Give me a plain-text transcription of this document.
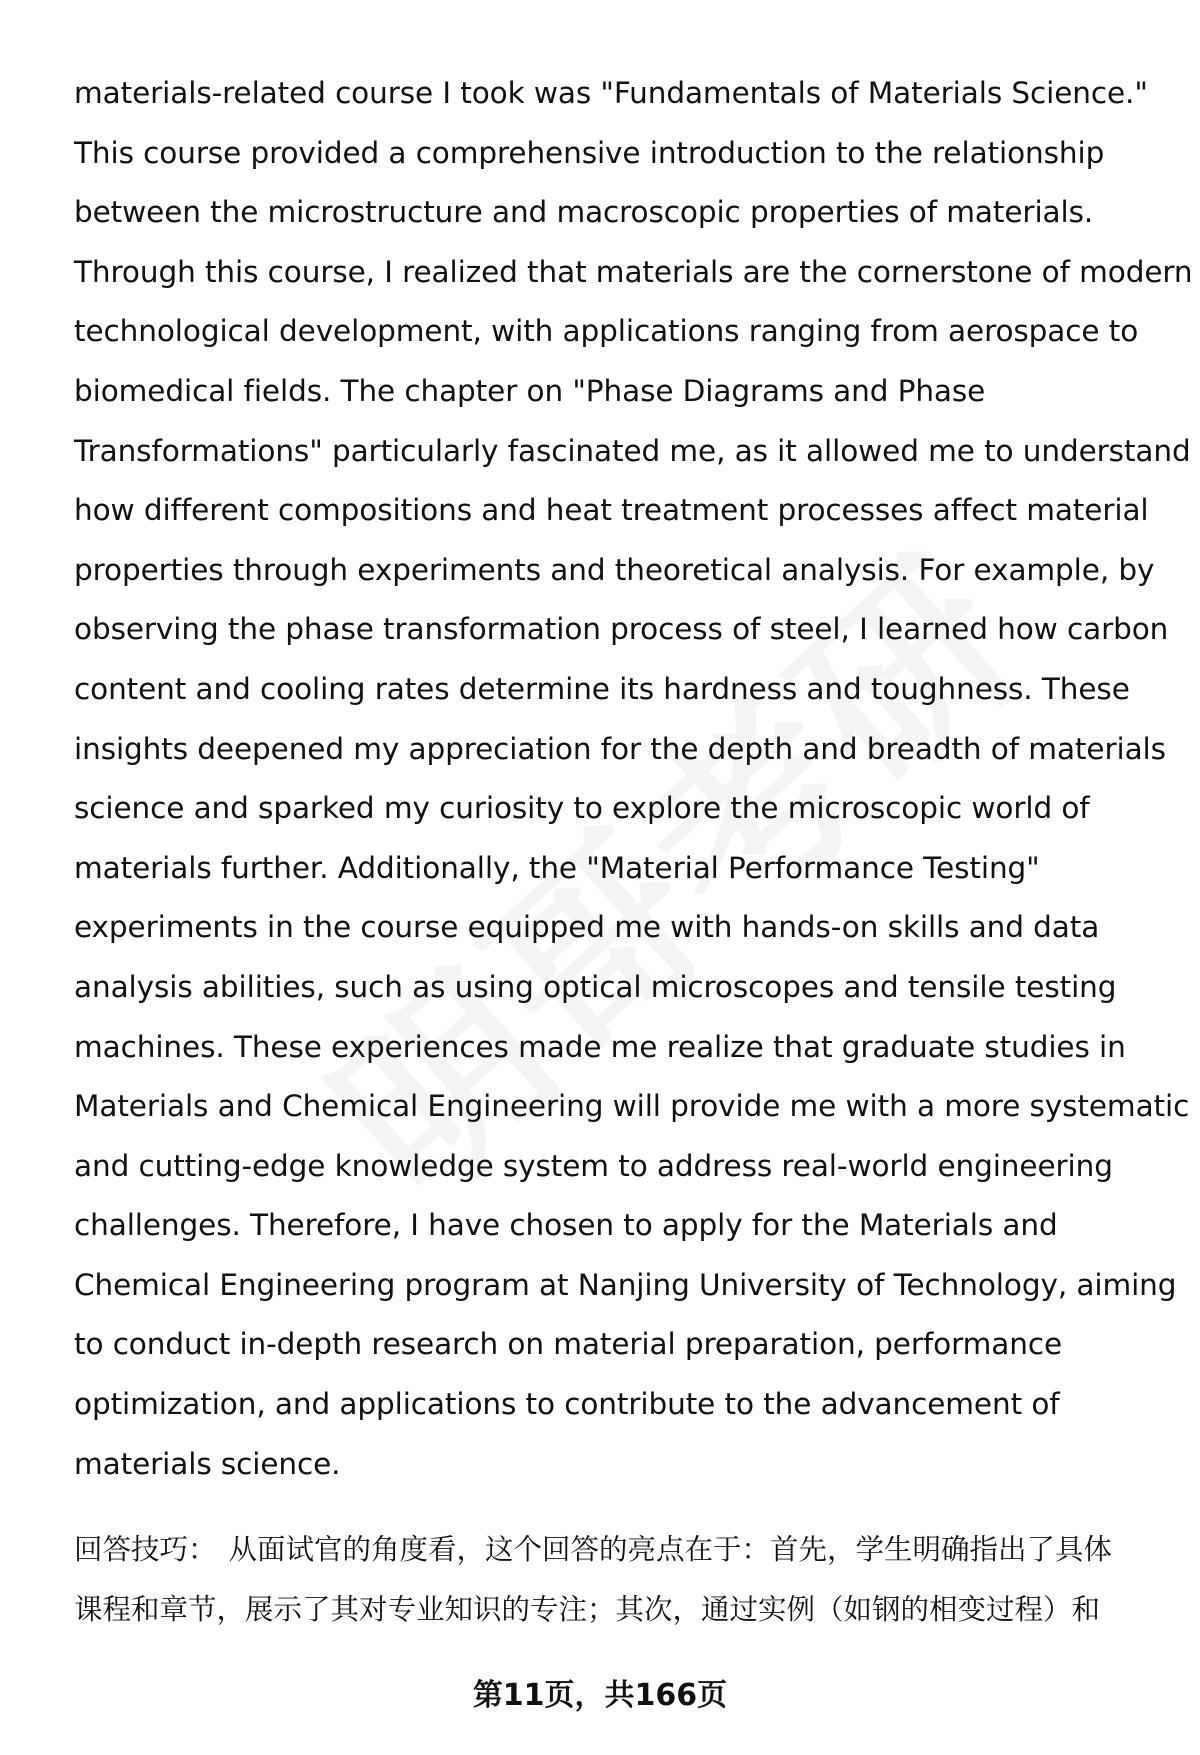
materials-related course I took was "Fundamentals of Materials Science."
This course provided a comprehensive introduction to the relationship
between the microstructure and macroscopic properties of materials.
Through this course, I realized that materials are the cornerstone of modern
technological development, with applications ranging from aerospace to
biomedical fields. The chapter on "Phase Diagrams and Phase
Transformations" particularly fascinated me, as it allowed me to understand
how different compositions and heat treatment processes affect material
properties through experiments and theoretical analysis. For example, by
observing the phase transformation process of steel, I learned how carbon
content and cooling rates determine its hardness and toughness. These
insights deepened my appreciation for the depth and breadth of materials
science and sparked my curiosity to explore the microscopic world of
materials further. Additionally, the "Material Performance Testing"
experiments in the course equipped me with hands-on skills and data
analysis abilities, such as using optical microscopes and tensile testing
machines. These experiences made me realize that graduate studies in
Materials and Chemical Engineering will provide me with a more systematic
and cutting-edge knowledge system to address real-world engineering
challenges. Therefore, I have chosen to apply for the Materials and
Chemical Engineering program at Nanjing University of Technology, aiming
to conduct in-depth research on material preparation, performance
optimization, and applications to contribute to the advancement of
materials science.
回答技巧： 从面试官的角度看，这个回答的亮点在于：首先，学生明确指出了具体
课程和章节，展示了其对专业知识的专注；其次，通过实例（如钢的相变过程）和
第11页，共166页
